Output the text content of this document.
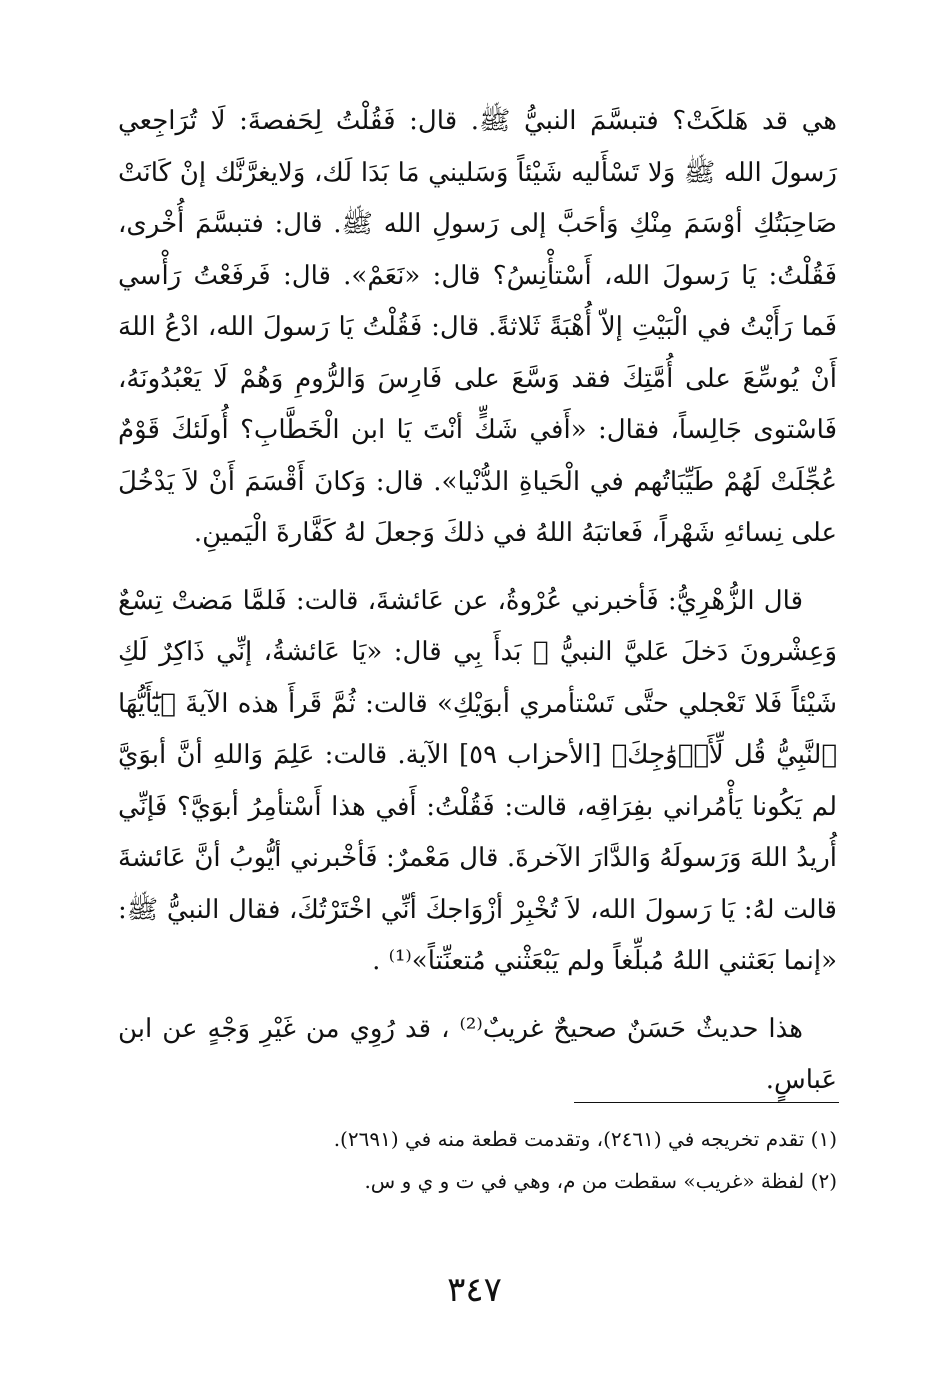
هي قد هَلكَتْ؟ فتبسَّمَ النبيُّ ﷺ. قال: فَقُلْتُ لِحَفصةَ: لَا تُرَاجِعي رَسولَ الله ﷺ وَلا تَسْأَليه شَيْئاً وَسَليني مَا بَدَا لَك، وَلايغرَّنَّك إنْ كَانَتْ صَاحِبَتُكِ أوْسَمَ مِنْكِ وَأحَبَّ إلى رَسولِ الله ﷺ. قال: فتبسَّمَ أُخْرى، فَقُلْتُ: يَا رَسولَ الله، أَسْتأْنِسُ؟ قال: «نَعَمْ». قال: فَرفَعْتُ رَأْسي فَما رَأَيْتُ في الْبَيْتِ إلاّ أُهْبَةً ثَلاثةً. قال: فَقُلْتُ يَا رَسولَ الله، ادْعُ اللهَ أَنْ يُوسِّعَ على أُمَّتِكَ فقد وَسَّعَ على فَارِسَ وَالرُّومِ وَهُمْ لَا يَعْبُدُونَهُ، فَاسْتوى جَالِساً، فقال: «أَفي شَكٍّ أنْتَ يَا ابن الْخَطَّابِ؟ أُولَئكَ قَوْمٌ عُجِّلَتْ لَهُمْ طَيِّبَاتُهم في الْحَياةِ الدُّنْيا». قال: وَكانَ أَقْسَمَ أَنْ لاَ يَدْخُلَ على نِسائهِ شَهْراً، فَعاتبَهُ اللهُ في ذلكَ وَجعلَ لهُ كَفَّارةَ الْيَمينِ.

قال الزُّهْرِيُّ: فَأخبرني عُرْوةُ، عن عَائشةَ، قالت: فَلمَّا مَضتْ تِسْعٌ وَعِشْرونَ دَخلَ عَليَّ النبيُّ ﷺ بَدأَ بِي قال: «يَا عَائشةُ، إنِّي ذَاكِرٌ لَكِ شَيْئاً فَلا تَعْجلي حتَّى تَسْتأمري أبوَيْكِ» قالت: ثُمَّ قَرأَ هذه الآيةَ ﴿يَٰٓأَيُّهَا ٱلنَّبِيُّ قُل لِّأَزۡوَٰجِكَ﴾ [الأحزاب ٥٩] الآية. قالت: عَلِمَ وَاللهِ أنَّ أبوَيَّ لم يَكُونا يَأْمُراني بفِرَاقِه، قالت: فَقُلْتُ: أَفي هذا أَسْتأمِرُ أبوَيَّ؟ فَإنِّي أُريدُ اللهَ وَرَسولَهُ وَالدَّارَ الآخرةَ. قال مَعْمرٌ: فَأخْبرني أيُّوبُ أنَّ عَائشةَ قالت لهُ: يَا رَسولَ الله، لاَ تُخْبِرْ أزْوَاجكَ أنِّي اخْتَرْتُكَ، فقال النبيُّ ﷺ: «إنما بَعَثني اللهُ مُبلِّغاً ولم يَبْعَثْني مُتعنِّتاً»⁽¹⁾ .

هذا حديثٌ حَسَنٌ صحيحٌ غريبٌ⁽²⁾ ، قد رُوِي من غَيْرِ وَجْهٍ عن ابن عَباسٍ.

(١) تقدم تخريجه في (٢٤٦١)، وتقدمت قطعة منه في (٢٦٩١).

(٢) لفظة «غريب» سقطت من م، وهي في ت و ي و س.

٣٤٧
